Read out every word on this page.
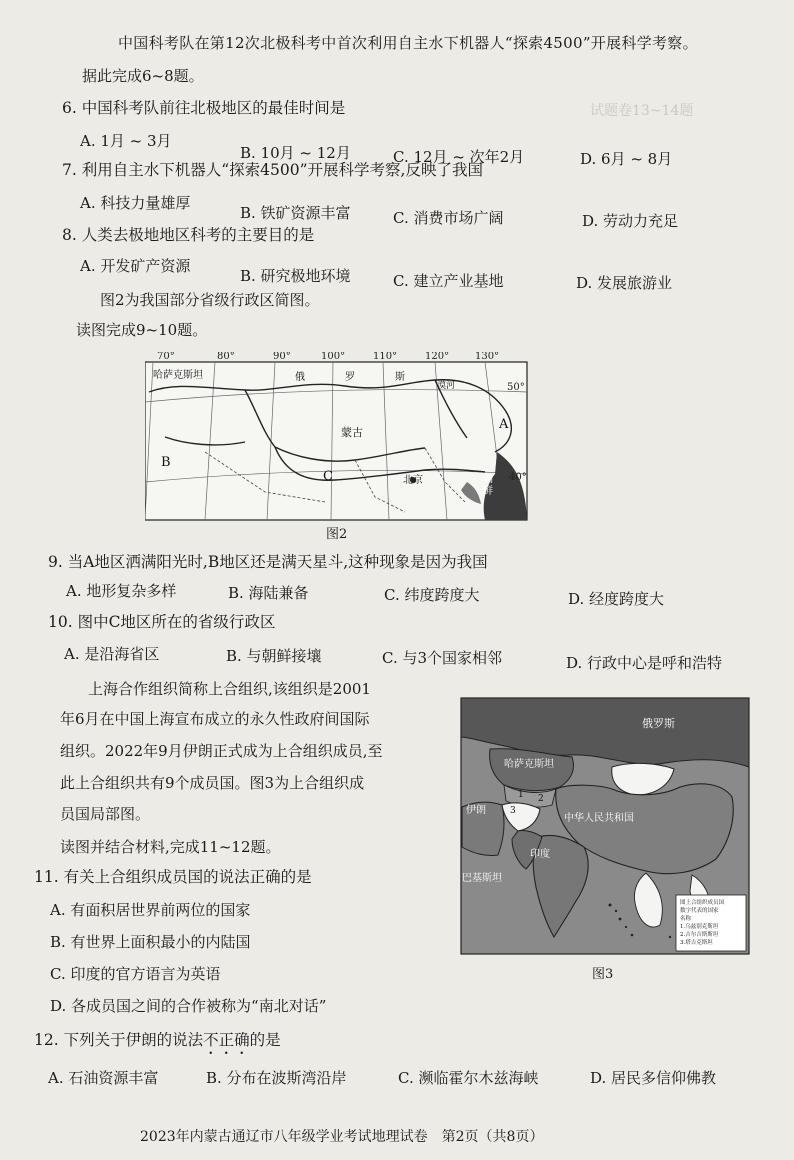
试题卷13~14题
中国科考队在第12次北极科考中首次利用自主水下机器人“探索4500”开展科学考察。
据此完成6~8题。
6. 中国科考队前往北极地区的最佳时间是
A. 1月 ~ 3月
B. 10月 ~ 12月	C. 12月 ~ 次年2月	D. 6月 ~ 8月
7. 利用自主水下机器人“探索4500”开展科学考察,反映了我国
A. 科技力量雄厚
B. 铁矿资源丰富	C. 消费市场广阔	D. 劳动力充足
8. 人类去极地地区科考的主要目的是
A. 开发矿产资源
B. 研究极地环境	C. 建立产业基地	D. 发展旅游业
图2为我国部分省级行政区简图。
读图完成9~10题。
70°	80°	90°	100°	110°	120°	130°
50°
40°
哈萨克斯坦	俄	罗	斯
蒙古
北京	朝
鲜
漠河
A
B
C
图2
9. 当A地区洒满阳光时,B地区还是满天星斗,这种现象是因为我国
A. 地形复杂多样	B. 海陆兼备	C. 纬度跨度大	D. 经度跨度大
10. 图中C地区所在的省级行政区
A. 是沿海省区	B. 与朝鲜接壤	C. 与3个国家相邻	D. 行政中心是呼和浩特
上海合作组织简称上合组织,该组织是2001
年6月在中国上海宣布成立的永久性政府间国际
组织。2022年9月伊朗正式成为上合组织成员,至
此上合组织共有9个成员国。图3为上合组织成
员国局部图。
读图并结合材料,完成11~12题。
俄罗斯
哈萨克斯坦
伊朗
中华人民共和国
印度
巴基斯坦
1 2
3
图上合组织成员国
数字代表的国家
名称
1.乌兹别克斯坦
2.吉尔吉斯斯坦
3.塔吉克斯坦
图3
11. 有关上合组织成员国的说法正确的是
A. 有面积居世界前两位的国家
B. 有世界上面积最小的内陆国
C. 印度的官方语言为英语
D. 各成员国之间的合作被称为“南北对话”
12. 下列关于伊朗的说法不正确的是
A. 石油资源丰富	B. 分布在波斯湾沿岸	C. 濒临霍尔木兹海峡	D. 居民多信仰佛教
2023年内蒙古通辽市八年级学业考试地理试卷　第2页（共8页）
